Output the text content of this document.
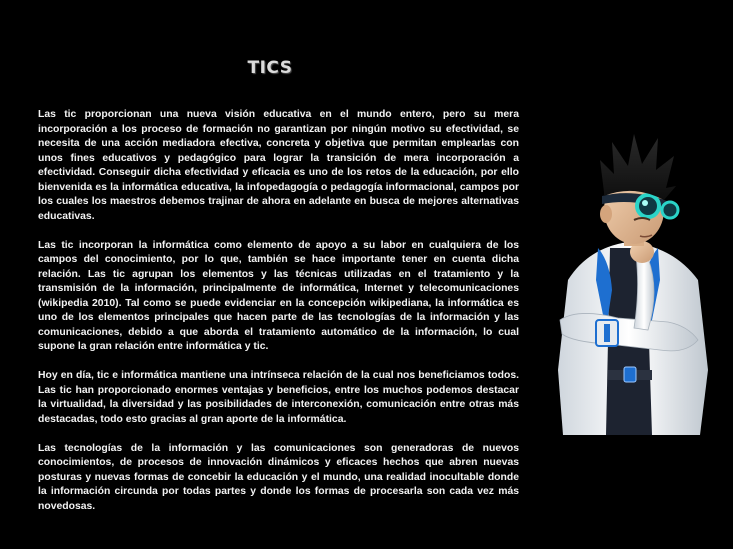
TICS

Las tic proporcionan una nueva visión educativa en el mundo entero, pero su mera incorporación a los proceso de formación no garantizan por ningún motivo su efectividad, se necesita de una acción mediadora efectiva, concreta y objetiva que permitan emplearlas con unos fines educativos y pedagógico para lograr la transición de mera incorporación a efectividad. Conseguir dicha efectividad y eficacia es uno de los retos de la educación, por ello bienvenida es la informática educativa, la infopedagogía o pedagogía informacional, campos por los cuales los maestros debemos trajinar de ahora en adelante en busca de mejores alternativas educativas.

Las tic incorporan la informática como elemento de apoyo a su labor en cualquiera de los campos del conocimiento, por lo que, también se hace importante tener en cuenta dicha relación. Las tic agrupan los elementos y las técnicas utilizadas en el tratamiento y la transmisión de la información, principalmente de informática, Internet y telecomunicaciones (wikipedia 2010). Tal como se puede evidenciar en la concepción wikipediana, la informática es uno de los elementos principales que hacen parte de las tecnologías de la información y las comunicaciones, debido a que aborda el tratamiento automático de la información, lo cual supone la gran relación entre informática y tic.

Hoy en día, tic e informática mantiene una intrínseca relación de la cual nos beneficiamos todos. Las tic han proporcionado enormes ventajas y beneficios, entre los muchos podemos destacar la virtualidad, la diversidad y las posibilidades de interconexión, comunicación entre otras más destacadas, todo esto gracias al gran aporte de la informática.

Las tecnologías de la información y las comunicaciones son generadoras de nuevos conocimientos, de procesos de innovación dinámicos y eficaces hechos que abren nuevas posturas y nuevas formas de concebir la educación y el mundo, una realidad inocultable donde la información circunda por todas partes y donde los formas de procesarla son cada vez más novedosas.
